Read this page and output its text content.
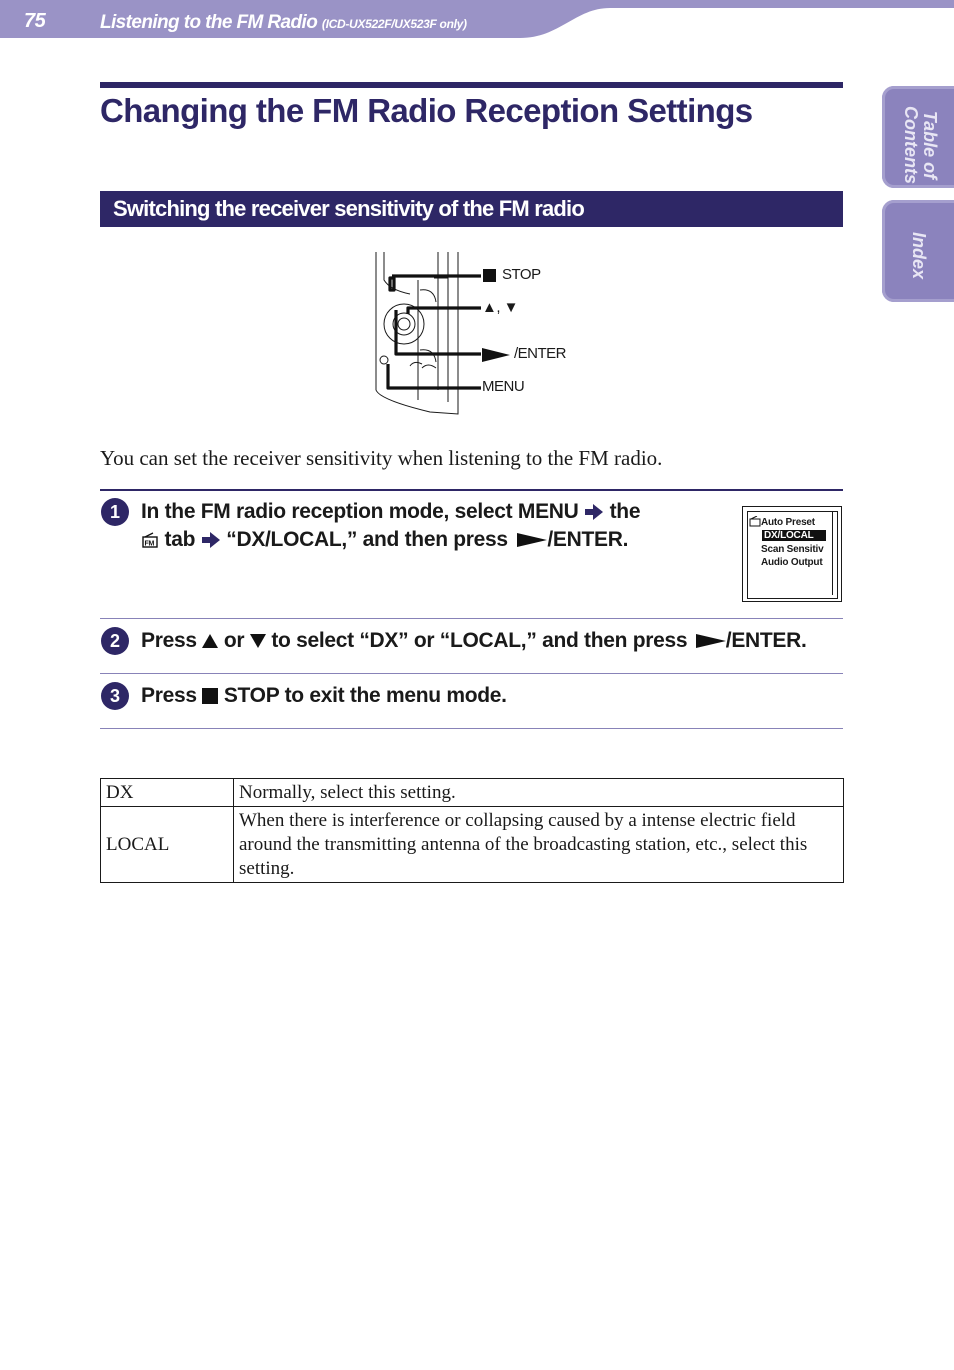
75	Listening to the FM Radio (ICD-UX522F/UX523F only)
Table of
Contents
Index
Changing the FM Radio Reception Settings
Switching the receiver sensitivity of the FM radio
STOP
▲, ▼
/ENTER
MENU
You can set the receiver sensitivity when listening to the FM radio.
1	In the FM radio reception mode, select MENU the
FM tab “DX/LOCAL,” and then press /ENTER.
Auto Preset
DX/LOCAL
Scan Sensitiv
Audio Output
2	Press or to select “DX” or “LOCAL,” and then press /ENTER.
3	Press STOP to exit the menu mode.
DX	Normally, select this setting.
LOCAL	When there is interference or collapsing caused by a intense electric field around the transmitting antenna of the broadcasting station, etc., select this setting.
